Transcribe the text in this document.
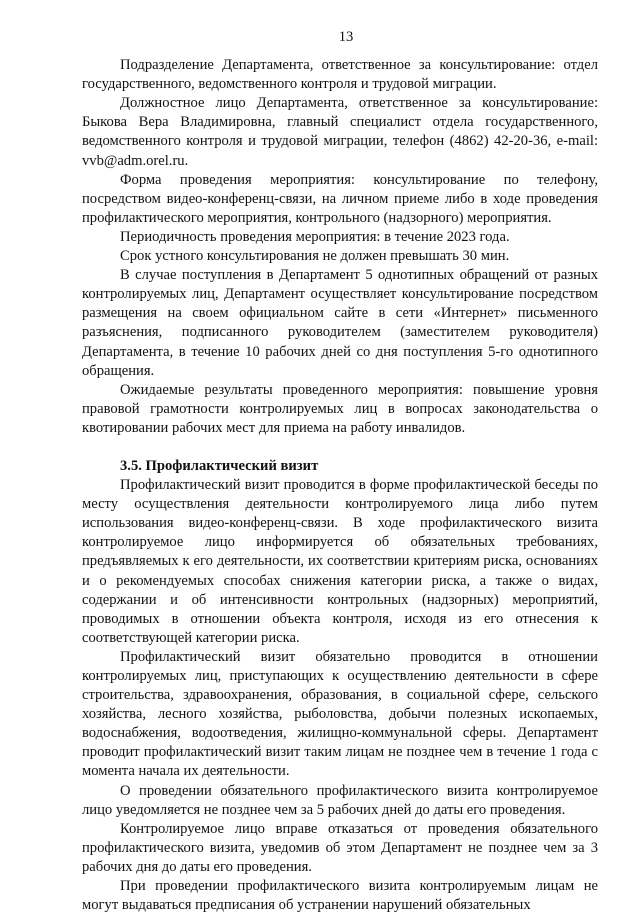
13

Подразделение Департамента, ответственное за консультирование: отдел государственного, ведомственного контроля и трудовой миграции.

Должностное лицо Департамента, ответственное за консультирование: Быкова Вера Владимировна, главный специалист отдела государственного, ведомственного контроля и трудовой миграции, телефон (4862) 42-20-36, e-mail: vvb@adm.orel.ru.

Форма проведения мероприятия: консультирование по телефону, посредством видео-конференц-связи, на личном приеме либо в ходе проведения профилактического мероприятия, контрольного (надзорного) мероприятия.

Периодичность проведения мероприятия: в течение 2023 года.

Срок устного консультирования не должен превышать 30 мин.

В случае поступления в Департамент 5 однотипных обращений от разных контролируемых лиц, Департамент осуществляет консультирование посредством размещения на своем официальном сайте в сети «Интернет» письменного разъяснения, подписанного руководителем (заместителем руководителя) Департамента, в течение 10 рабочих дней со дня поступления 5-го однотипного обращения.

Ожидаемые результаты проведенного мероприятия: повышение уровня правовой грамотности контролируемых лиц в вопросах законодательства о квотировании рабочих мест для приема на работу инвалидов.

3.5. Профилактический визит

Профилактический визит проводится в форме профилактической беседы по месту осуществления деятельности контролируемого лица либо путем использования видео-конференц-связи. В ходе профилактического визита контролируемое лицо информируется об обязательных требованиях, предъявляемых к его деятельности, их соответствии критериям риска, основаниях и о рекомендуемых способах снижения категории риска, а также о видах, содержании и об интенсивности контрольных (надзорных) мероприятий, проводимых в отношении объекта контроля, исходя из его отнесения к соответствующей категории риска.

Профилактический визит обязательно проводится в отношении контролируемых лиц, приступающих к осуществлению деятельности в сфере строительства, здравоохранения, образования, в социальной сфере, сельского хозяйства, лесного хозяйства, рыболовства, добычи полезных ископаемых, водоснабжения, водоотведения, жилищно-коммунальной сферы. Департамент проводит профилактический визит таким лицам не позднее чем в течение 1 года с момента начала их деятельности.

О проведении обязательного профилактического визита контролируемое лицо уведомляется не позднее чем за 5 рабочих дней до даты его проведения.

Контролируемое лицо вправе отказаться от проведения обязательного профилактического визита, уведомив об этом Департамент не позднее чем за 3 рабочих дня до даты его проведения.

При проведении профилактического визита контролируемым лицам не могут выдаваться предписания об устранении нарушений обязательных
